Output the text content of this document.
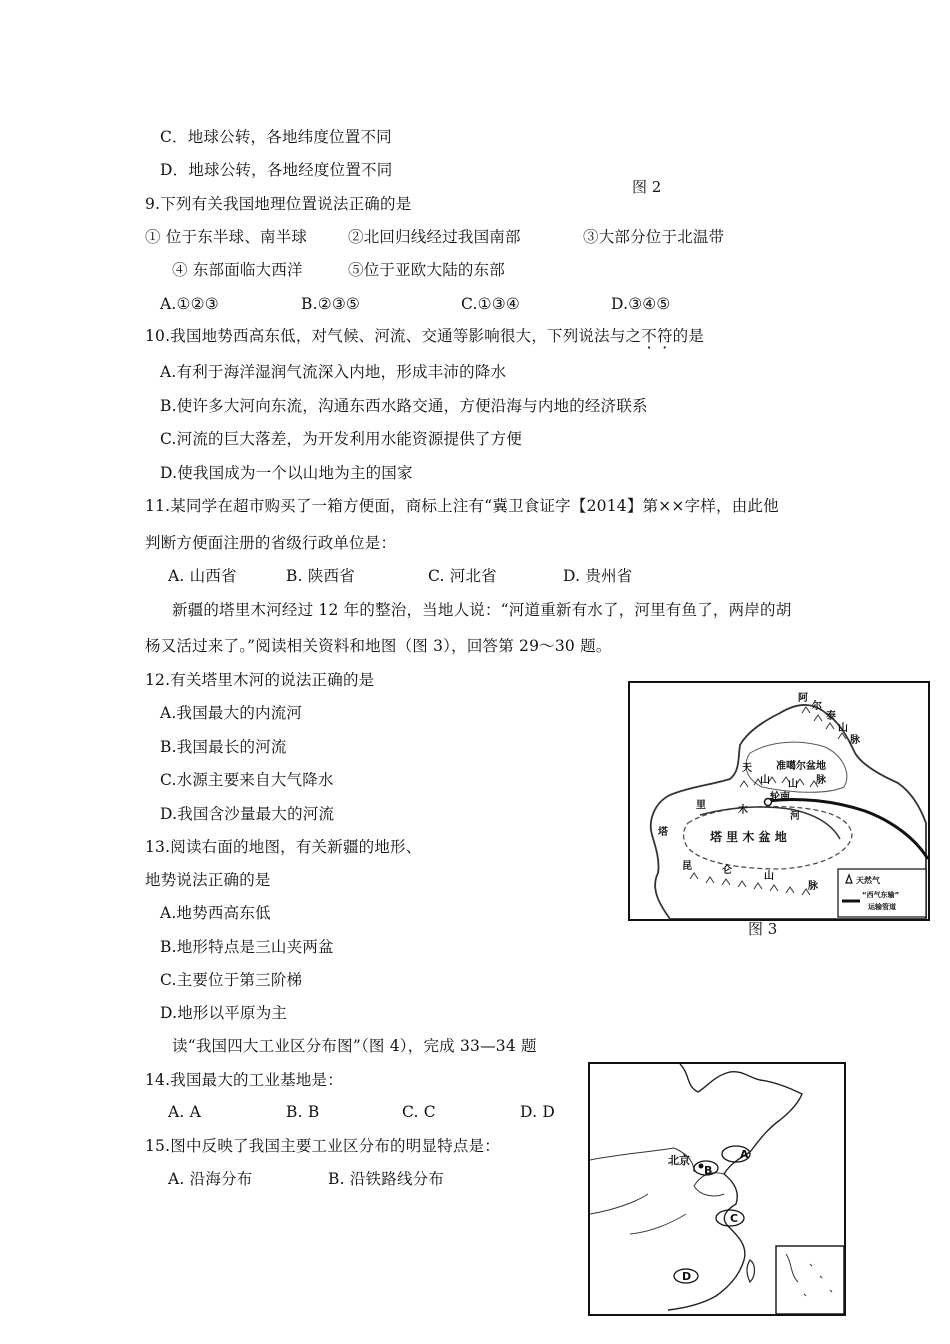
C．地球公转，各地纬度位置不同
D．地球公转，各地经度位置不同
图 2
9.下列有关我国地理位置说法正确的是
① 位于东半球、南半球	②北回归线经过我国南部	③大部分位于北温带
④ 东部面临大西洋	⑤位于亚欧大陆的东部
A.①②③	B.②③⑤	C.①③④	D.③④⑤
10.我国地势西高东低，对气候、河流、交通等影响很大，下列说法与之不符的是
A.有利于海洋湿润气流深入内地，形成丰沛的降水
B.使许多大河向东流，沟通东西水路交通，方便沿海与内地的经济联系
C.河流的巨大落差，为开发利用水能资源提供了方便
D.使我国成为一个以山地为主的国家
11.某同学在超市购买了一箱方便面，商标上注有“冀卫食证字【2014】第××字样，由此他
判断方便面注册的省级行政单位是：
A. 山西省	B. 陕西省	C. 河北省	D. 贵州省
新疆的塔里木河经过 12 年的整治，当地人说：“河道重新有水了，河里有鱼了，两岸的胡
杨又活过来了。”阅读相关资料和地图（图 3），回答第 29～30 题。
12.有关塔里木河的说法正确的是
A.我国最大的内流河
B.我国最长的河流
C.水源主要来自大气降水
D.我国含沙量最大的河流
13.阅读右面的地图，有关新疆的地形、
地势说法正确的是
A.地势西高东低
B.地形特点是三山夹两盆
C.主要位于第三阶梯
D.地形以平原为主
阿
尔
泰
山
脉
准噶尔盆地
天
山 山 脉
轮南
里	木
河
塔	塔 里 木 盆 地
昆	仑
山
脉
天然气
“西气东输”
运输管道
图 3
读“我国四大工业区分布图”（图 4），完成 33—34 题
14.我国最大的工业基地是：
A. A	B. B	C. C	D. D
15.图中反映了我国主要工业区分布的明显特点是：
A. 沿海分布	B. 沿铁路线分布
北京	A
B
C
D
